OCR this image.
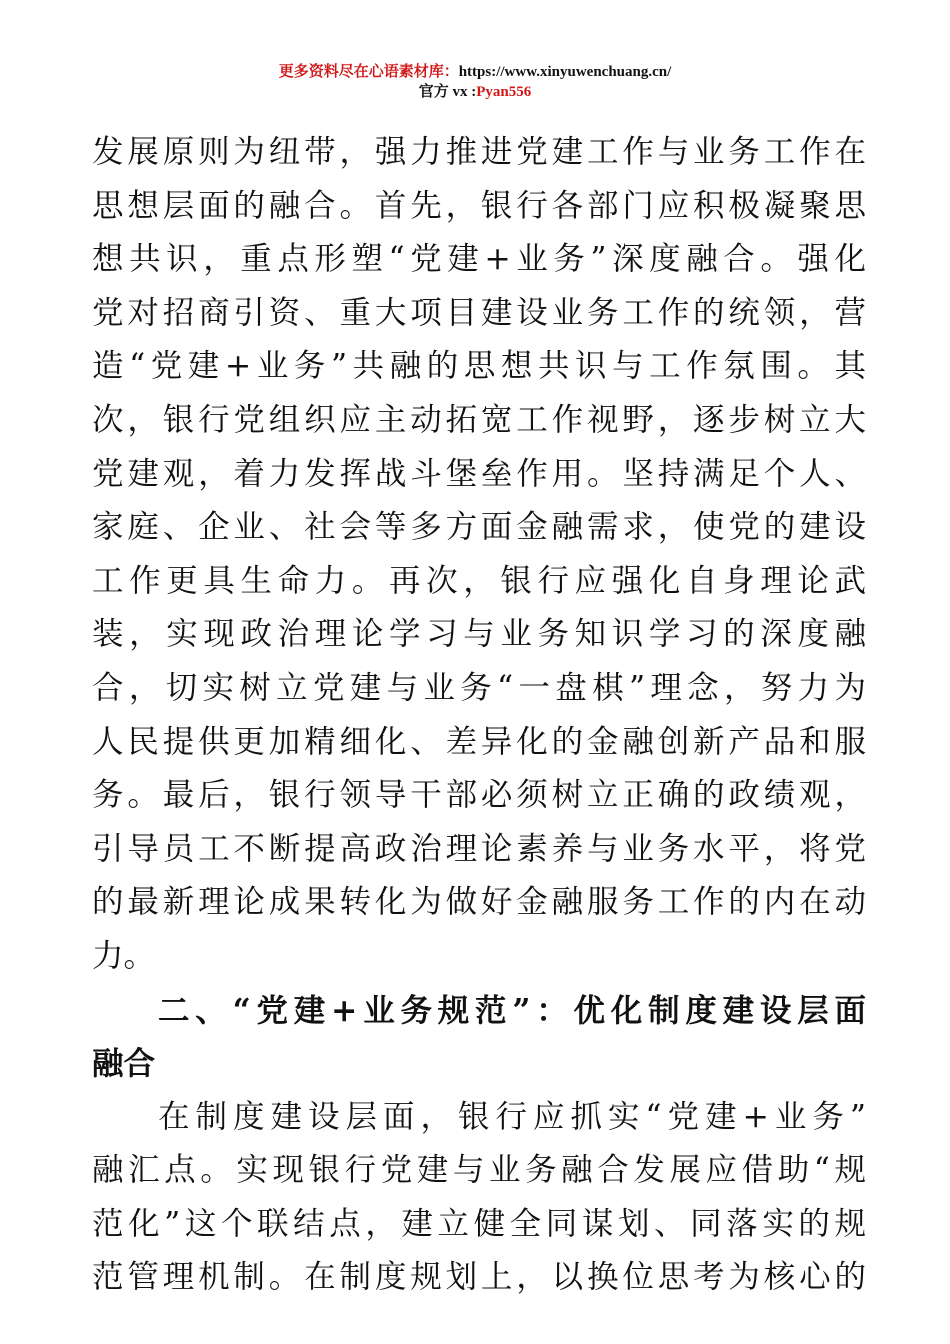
更多资料尽在心语素材库：https://www.xinyuwenchuang.cn/
官方 vx :Pyan556
发展原则为纽带，强力推进党建工作与业务工作在
思想层面的融合。首先，银行各部门应积极凝聚思
想共识，重点形塑“党建+业务”深度融合。强化
党对招商引资、重大项目建设业务工作的统领，营
造“党建+业务”共融的思想共识与工作氛围。其
次，银行党组织应主动拓宽工作视野，逐步树立大
党建观，着力发挥战斗堡垒作用。坚持满足个人、
家庭、企业、社会等多方面金融需求，使党的建设
工作更具生命力。再次，银行应强化自身理论武
装，实现政治理论学习与业务知识学习的深度融
合，切实树立党建与业务“一盘棋”理念，努力为
人民提供更加精细化、差异化的金融创新产品和服
务。最后，银行领导干部必须树立正确的政绩观，
引导员工不断提高政治理论素养与业务水平，将党
的最新理论成果转化为做好金融服务工作的内在动
力。
二、“党建+业务规范”：优化制度建设层面
融合
在制度建设层面，银行应抓实“党建+业务”
融汇点。实现银行党建与业务融合发展应借助“规
范化”这个联结点，建立健全同谋划、同落实的规
范管理机制。在制度规划上，以换位思考为核心的
